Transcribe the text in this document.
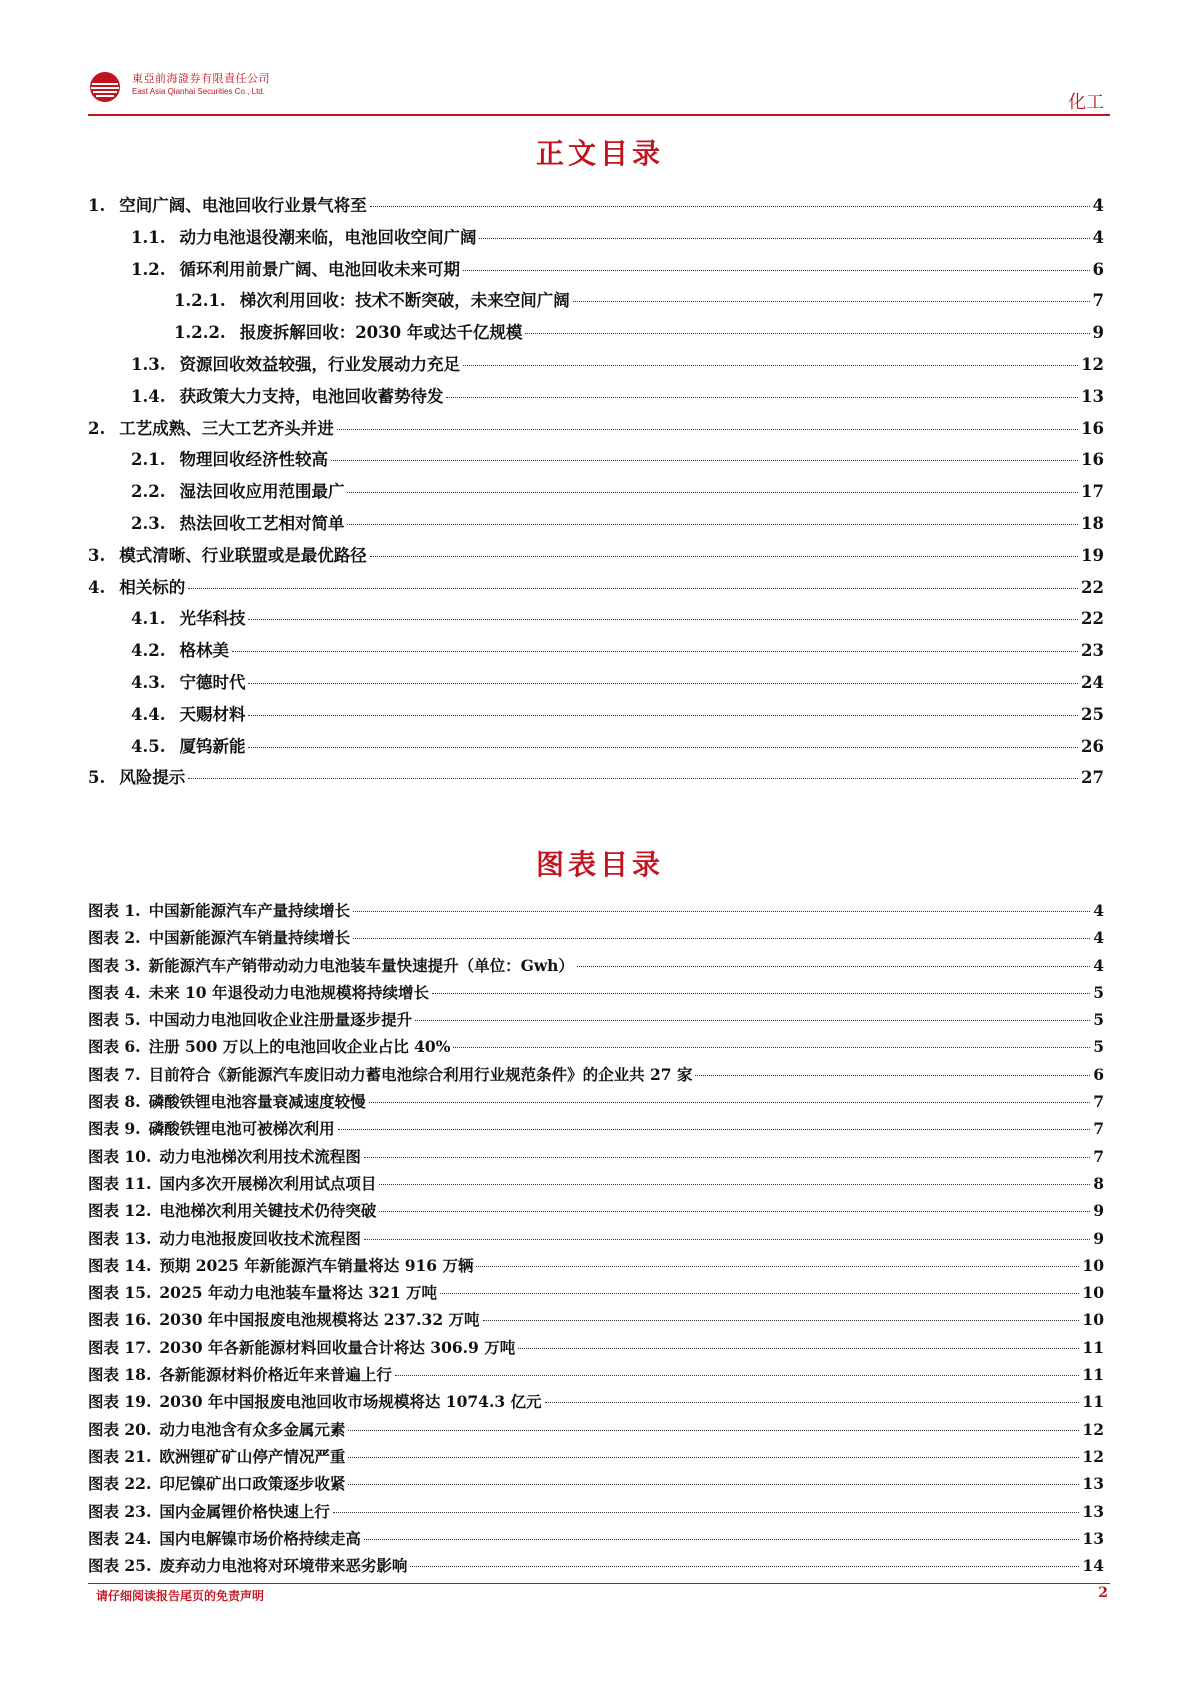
東亞前海證券有限責任公司
East Asia Qianhai Securities Co., Ltd.
化工
正文目录
1. 空间广阔、电池回收行业景气将至	4
1.1. 动力电池退役潮来临，电池回收空间广阔	4
1.2. 循环利用前景广阔、电池回收未来可期	6
1.2.1. 梯次利用回收：技术不断突破，未来空间广阔	7
1.2.2. 报废拆解回收：2030 年或达千亿规模	9
1.3. 资源回收效益较强，行业发展动力充足	12
1.4. 获政策大力支持，电池回收蓄势待发	13
2. 工艺成熟、三大工艺齐头并进	16
2.1. 物理回收经济性较高	16
2.2. 湿法回收应用范围最广	17
2.3. 热法回收工艺相对简单	18
3. 模式清晰、行业联盟或是最优路径	19
4. 相关标的	22
4.1. 光华科技	22
4.2. 格林美	23
4.3. 宁德时代	24
4.4. 天赐材料	25
4.5. 厦钨新能	26
5. 风险提示	27
图表目录
图表 1. 中国新能源汽车产量持续增长	4
图表 2. 中国新能源汽车销量持续增长	4
图表 3. 新能源汽车产销带动动力电池装车量快速提升（单位：Gwh）	4
图表 4. 未来 10 年退役动力电池规模将持续增长	5
图表 5. 中国动力电池回收企业注册量逐步提升	5
图表 6. 注册 500 万以上的电池回收企业占比 40%	5
图表 7. 目前符合《新能源汽车废旧动力蓄电池综合利用行业规范条件》的企业共 27 家	6
图表 8. 磷酸铁锂电池容量衰减速度较慢	7
图表 9. 磷酸铁锂电池可被梯次利用	7
图表 10. 动力电池梯次利用技术流程图	7
图表 11. 国内多次开展梯次利用试点项目	8
图表 12. 电池梯次利用关键技术仍待突破	9
图表 13. 动力电池报废回收技术流程图	9
图表 14. 预期 2025 年新能源汽车销量将达 916 万辆	10
图表 15. 2025 年动力电池装车量将达 321 万吨	10
图表 16. 2030 年中国报废电池规模将达 237.32 万吨	10
图表 17. 2030 年各新能源材料回收量合计将达 306.9 万吨	11
图表 18. 各新能源材料价格近年来普遍上行	11
图表 19. 2030 年中国报废电池回收市场规模将达 1074.3 亿元	11
图表 20. 动力电池含有众多金属元素	12
图表 21. 欧洲锂矿矿山停产情况严重	12
图表 22. 印尼镍矿出口政策逐步收紧	13
图表 23. 国内金属锂价格快速上行	13
图表 24. 国内电解镍市场价格持续走高	13
图表 25. 废弃动力电池将对环境带来恶劣影响	14
请仔细阅读报告尾页的免责声明	2
